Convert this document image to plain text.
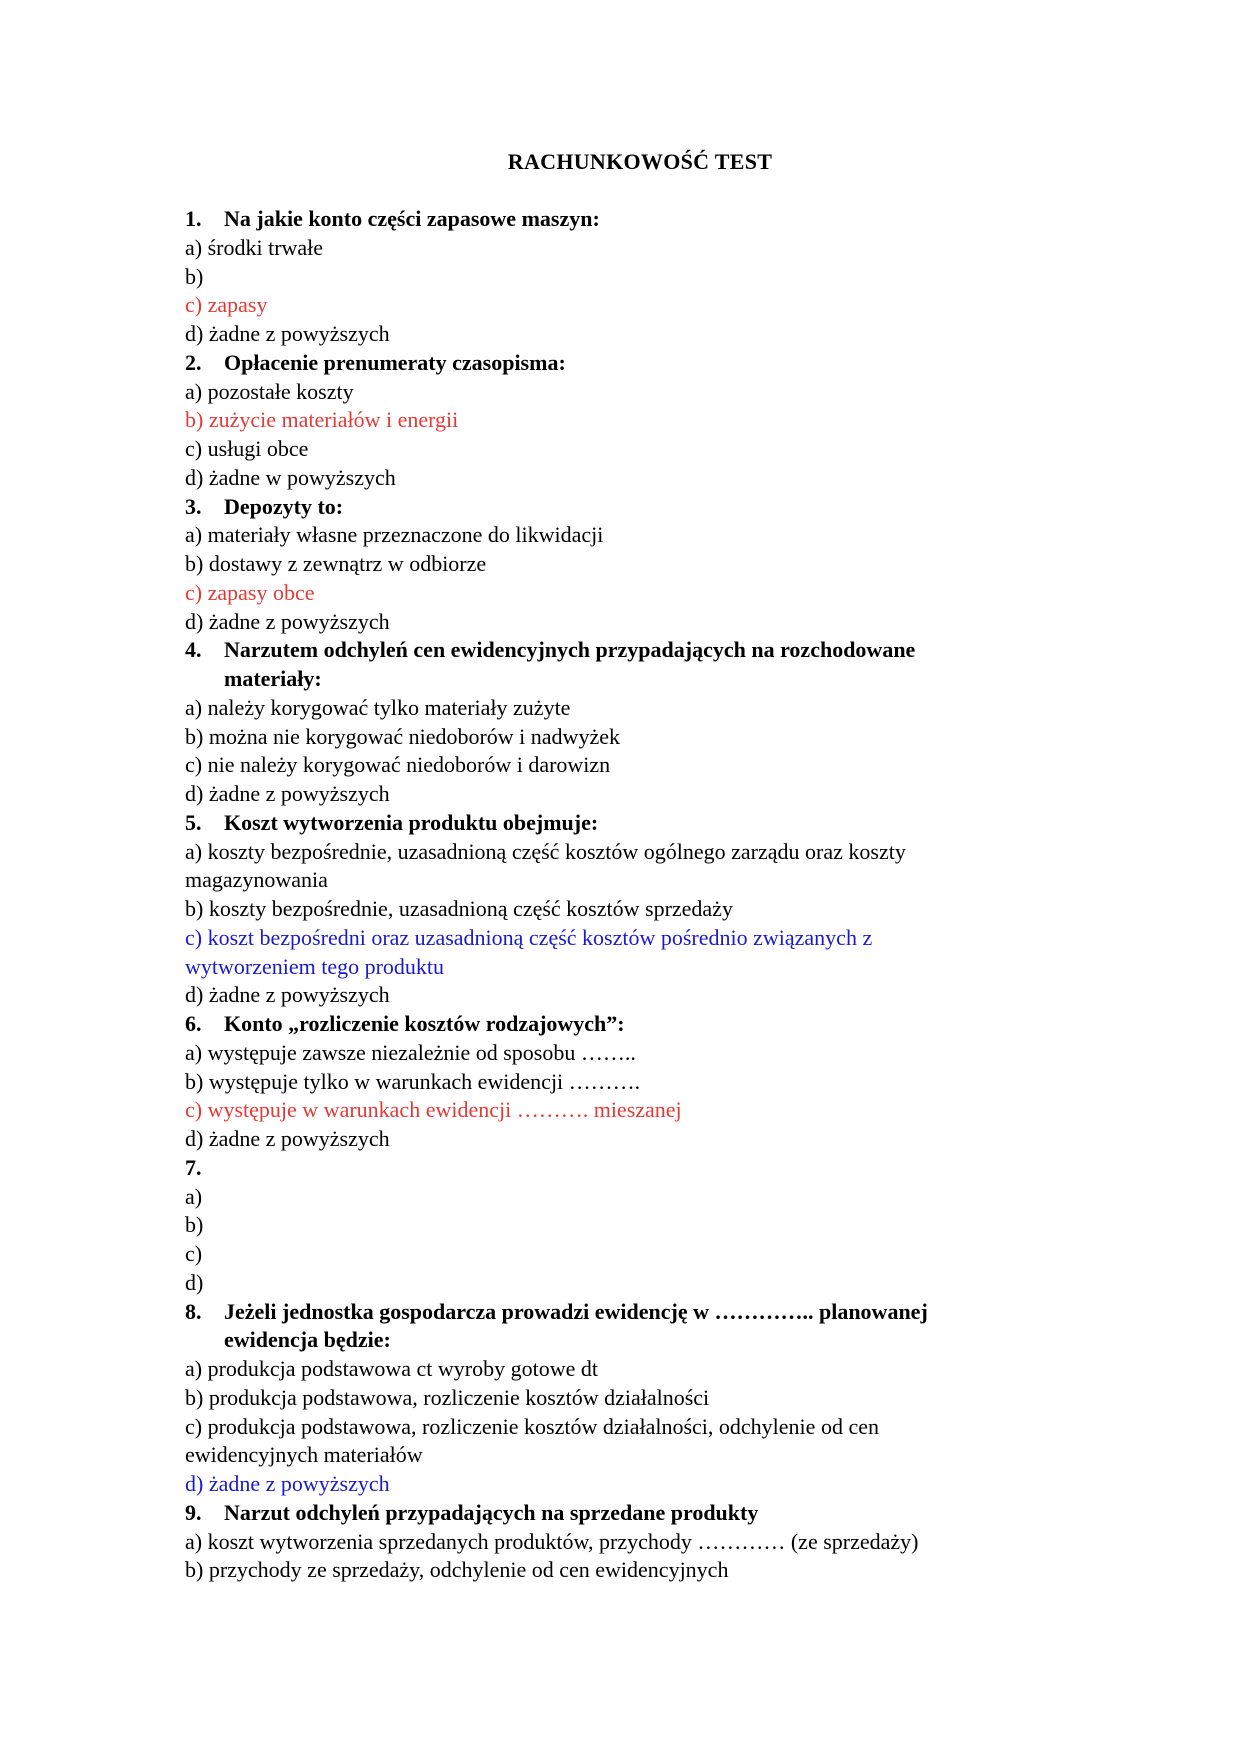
RACHUNKOWOŚĆ TEST
1.	Na jakie konto części zapasowe maszyn:
a) środki trwałe
b)
c) zapasy
d) żadne z powyższych
2.	Opłacenie prenumeraty czasopisma:
a) pozostałe koszty
b) zużycie materiałów i energii
c) usługi obce
d) żadne w powyższych
3.	Depozyty to:
a) materiały własne przeznaczone do likwidacji
b) dostawy z zewnątrz w odbiorze
c) zapasy obce
d) żadne z powyższych
4.	Narzutem odchyleń cen ewidencyjnych przypadających na rozchodowane
materiały:
a) należy korygować tylko materiały zużyte
b) można nie korygować niedoborów i nadwyżek
c) nie należy korygować niedoborów i darowizn
d) żadne z powyższych
5.	Koszt wytworzenia produktu obejmuje:
a) koszty bezpośrednie, uzasadnioną część kosztów ogólnego zarządu oraz koszty
magazynowania
b) koszty bezpośrednie, uzasadnioną część kosztów sprzedaży
c) koszt bezpośredni oraz uzasadnioną część kosztów pośrednio związanych z
wytworzeniem tego produktu
d) żadne z powyższych
6.	Konto „rozliczenie kosztów rodzajowych”:
a) występuje zawsze niezależnie od sposobu ……..
b) występuje tylko w warunkach ewidencji ……….
c) występuje w warunkach ewidencji ………. mieszanej
d) żadne z powyższych
7.
a)
b)
c)
d)
8.	Jeżeli jednostka gospodarcza prowadzi ewidencję w ………….. planowanej
ewidencja będzie:
a) produkcja podstawowa ct wyroby gotowe dt
b) produkcja podstawowa, rozliczenie kosztów działalności
c) produkcja podstawowa, rozliczenie kosztów działalności, odchylenie od cen
ewidencyjnych materiałów
d) żadne z powyższych
9.	Narzut odchyleń przypadających na sprzedane produkty
a) koszt wytworzenia sprzedanych produktów, przychody ………… (ze sprzedaży)
b) przychody ze sprzedaży, odchylenie od cen ewidencyjnych
